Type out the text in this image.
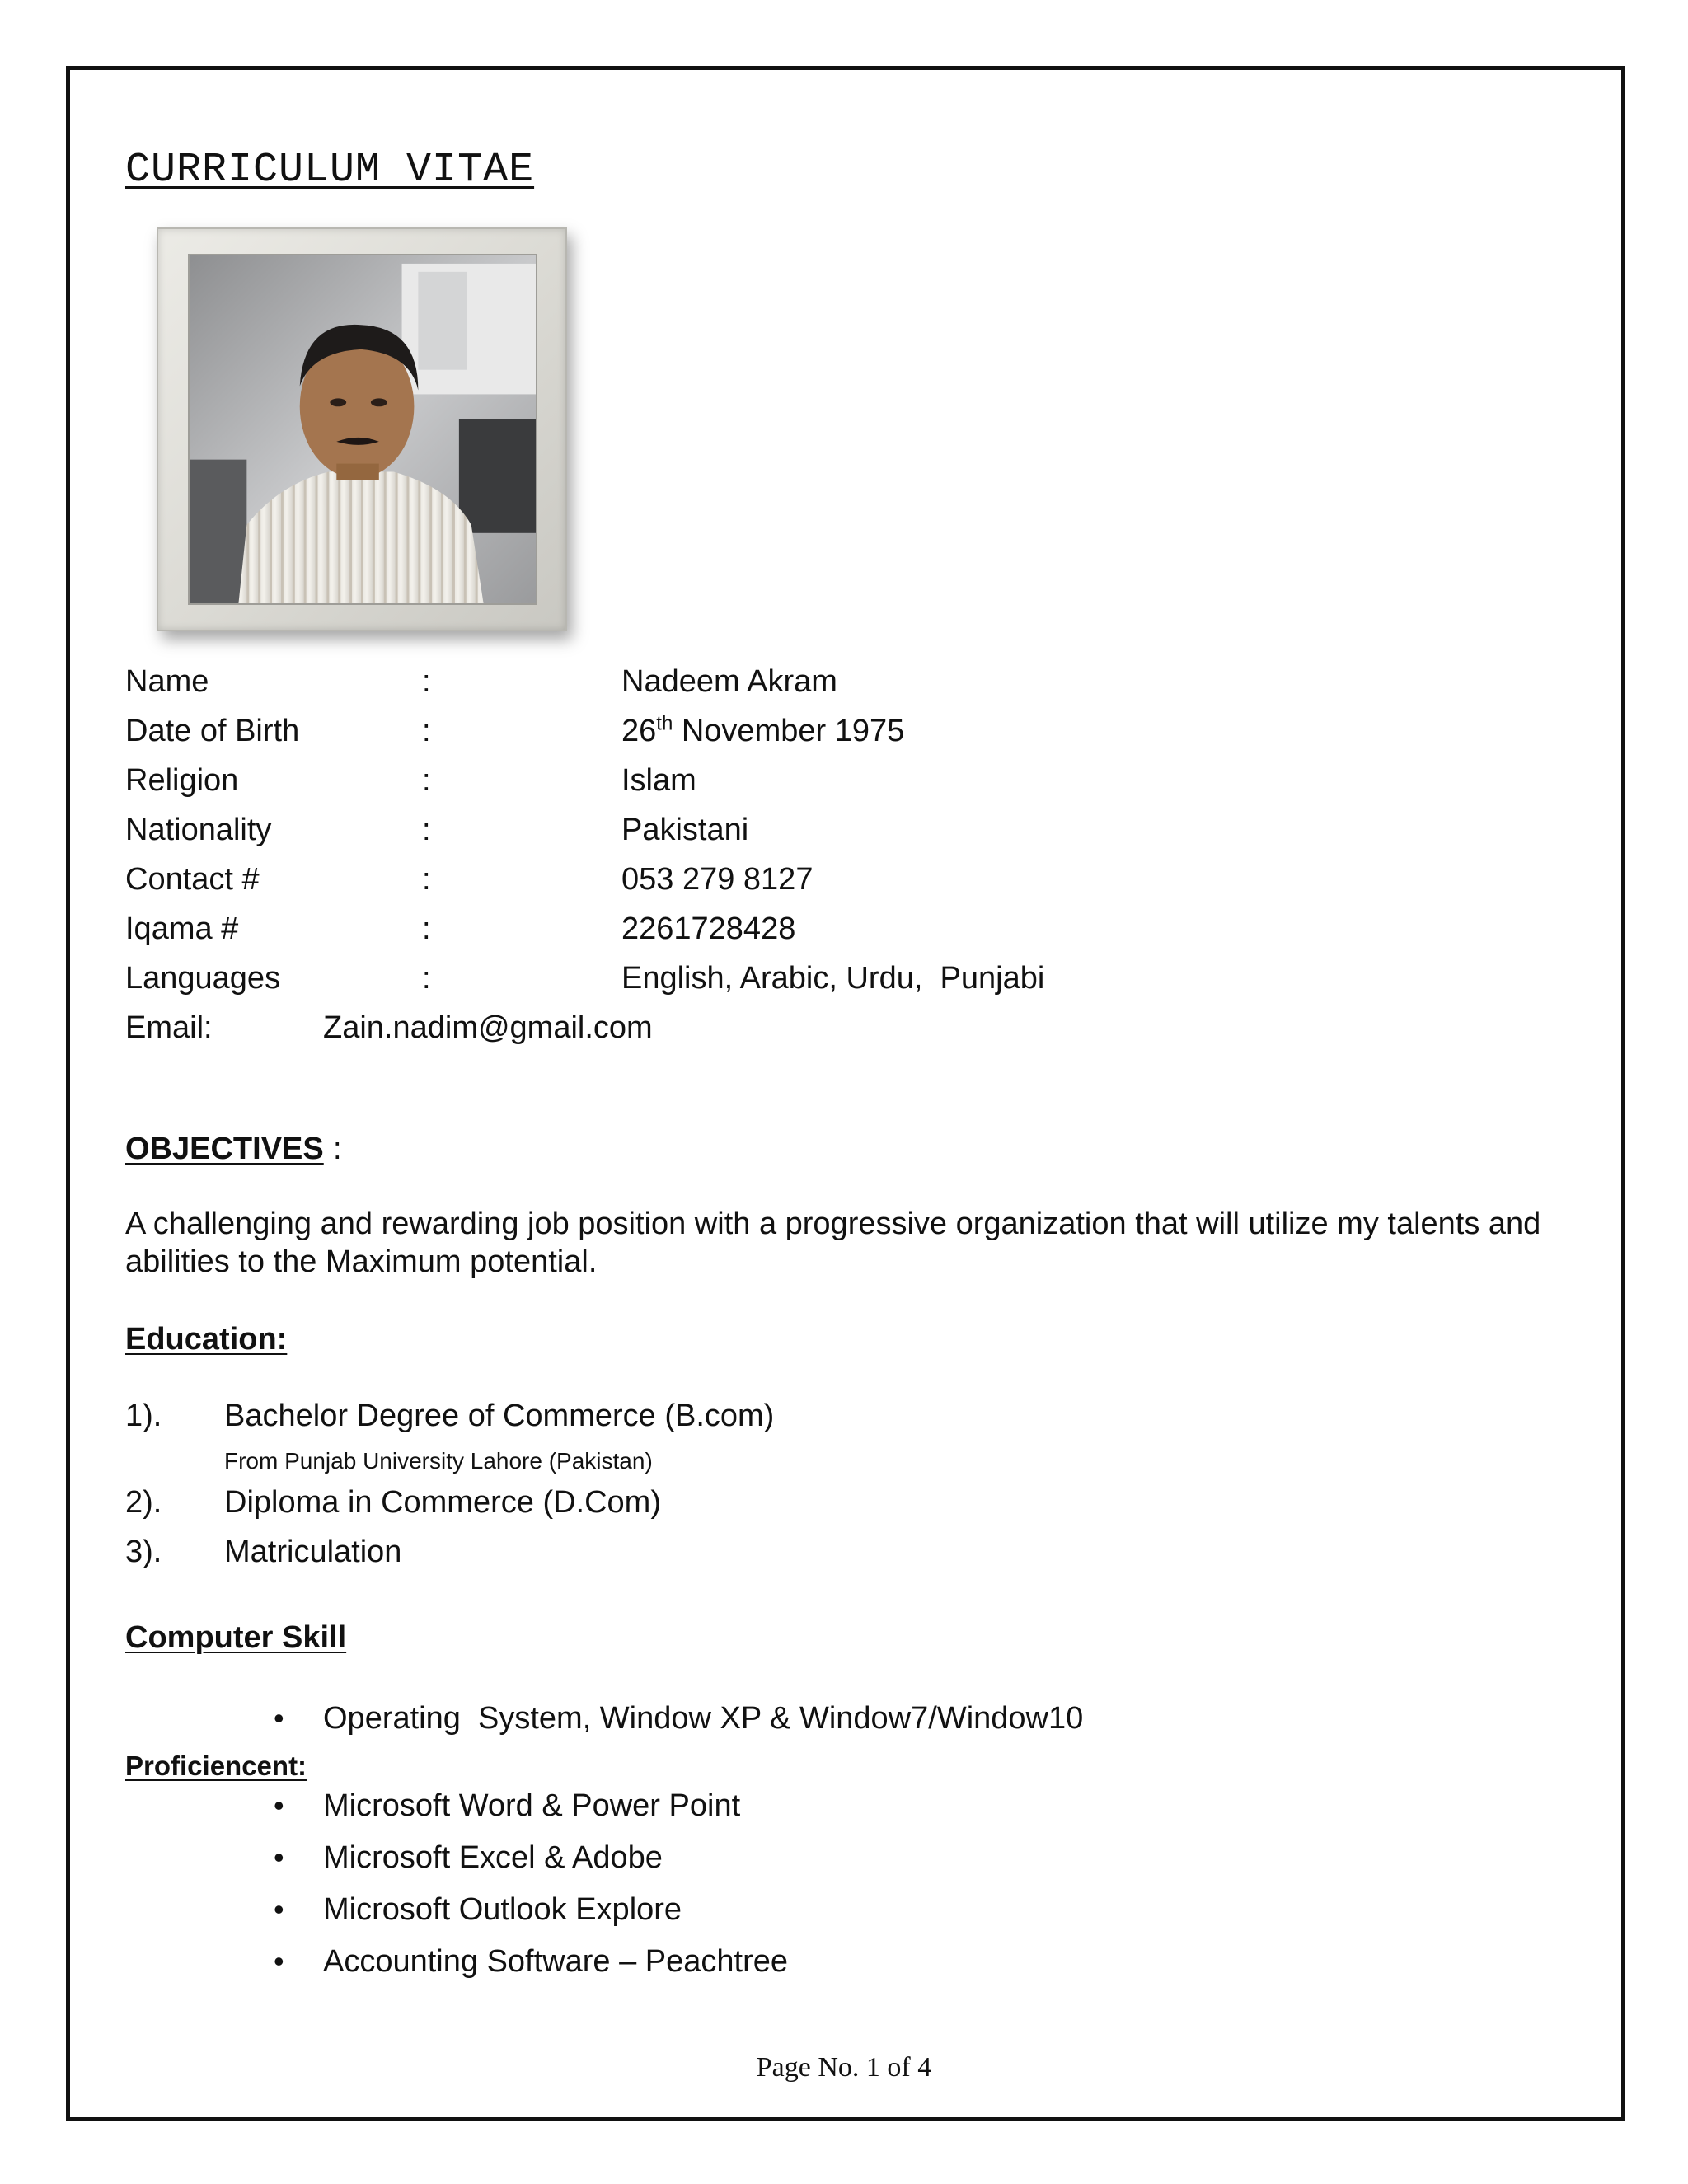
CURRICULUM VITAE
Name	:	Nadeem Akram
Date of Birth	:	26th November 1975
Religion	:	Islam
Nationality	:	Pakistani
Contact #	:	053 279 8127
Iqama #	:	2261728428
Languages	:	English, Arabic, Urdu,  Punjabi
Email:	Zain.nadim@gmail.com
OBJECTIVES :

A challenging and rewarding job position with a progressive organization that will utilize my talents and abilities to the Maximum potential.

Education:
1). Bachelor Degree of Commerce (B.com)
From Punjab University Lahore (Pakistan)
2). Diploma in Commerce (D.Com)
3). Matriculation
Computer Skill
• Operating  System, Window XP & Window7/Window10
Proficiencent:
• Microsoft Word & Power Point
• Microsoft Excel & Adobe
• Microsoft Outlook Explore
• Accounting Software – Peachtree
Page No. 1 of 4
